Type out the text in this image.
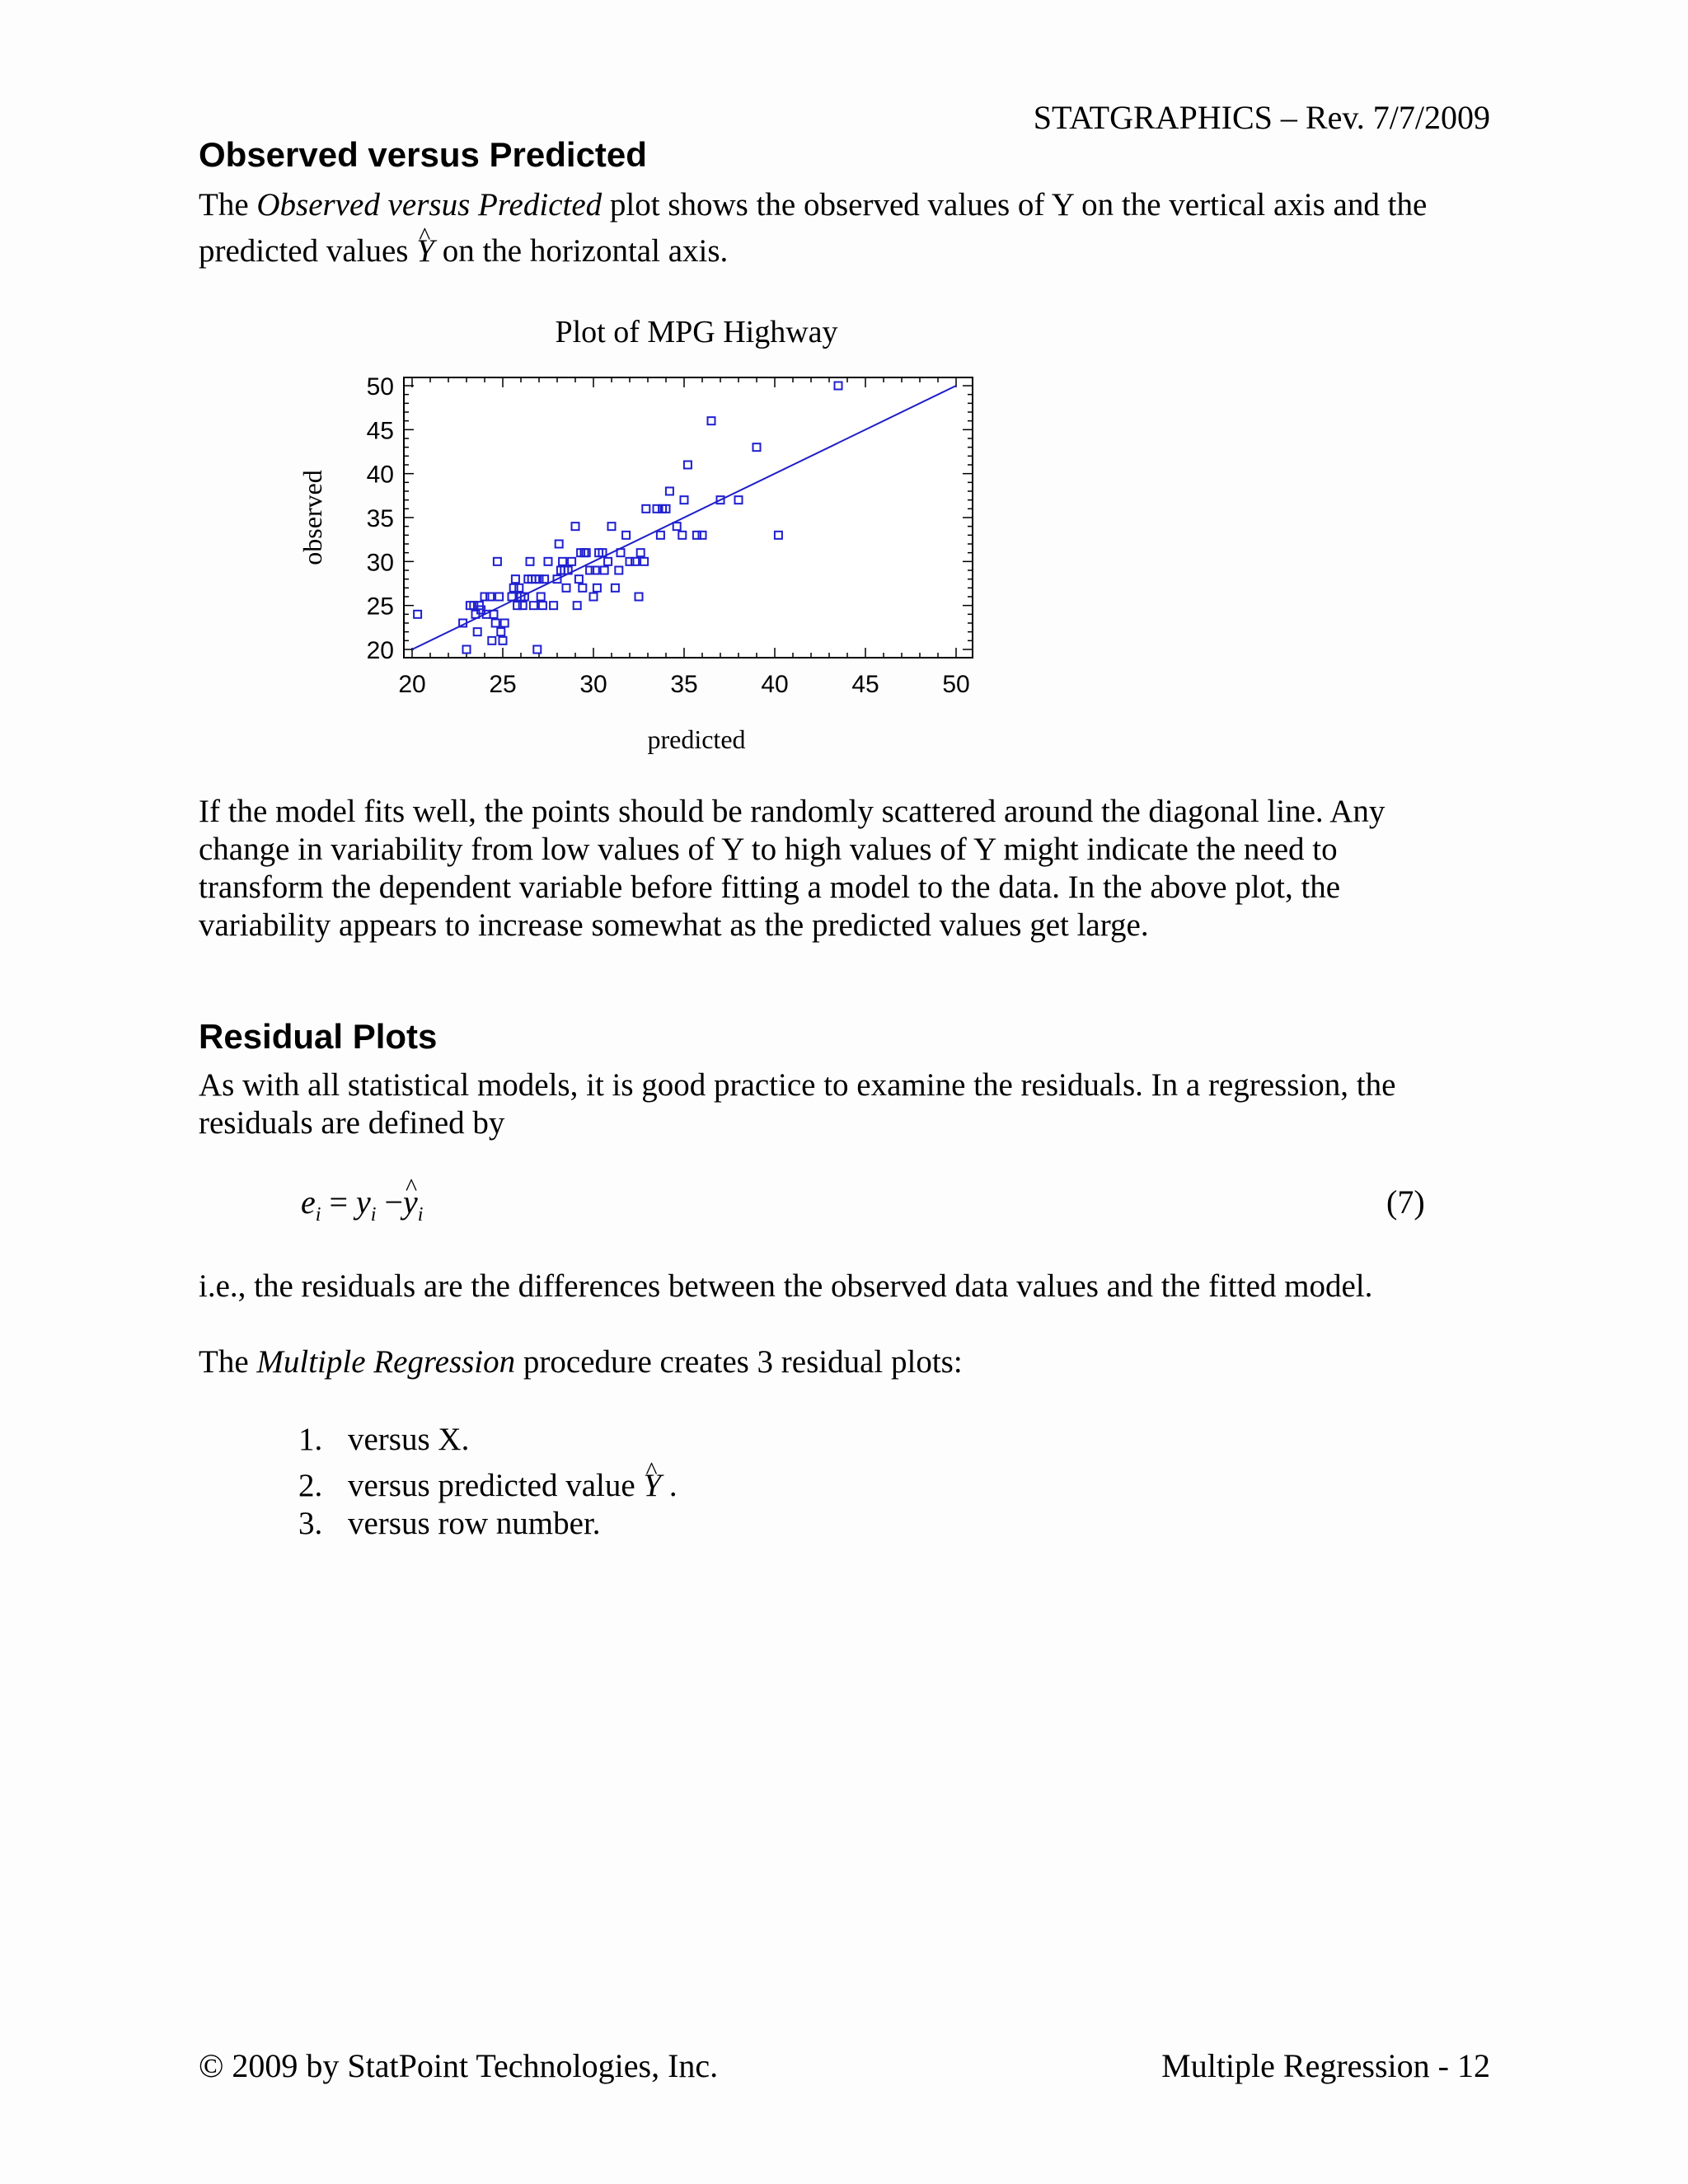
STATGRAPHICS – Rev. 7/7/2009
Observed versus Predicted
The Observed versus Predicted plot shows the observed values of Y on the vertical axis and the
predicted values ^ Y on the horizontal axis.
Plot of MPG Highway
20	25	30	35	40	45	50
20
25
30
35
40
45
50
predicted
observed
If the model fits well, the points should be randomly scattered around the diagonal line. Any
change in variability from low values of Y to high values of Y might indicate the need to
transform the dependent variable before fitting a model to the data. In the above plot, the
variability appears to increase somewhat as the predicted values get large.
Residual Plots
As with all statistical models, it is good practice to examine the residuals. In a regression, the
residuals are defined by
$e_i = y_i$ −^ $y_i$	(7)
i.e., the residuals are the differences between the observed data values and the fitted model.
The Multiple Regression procedure creates 3 residual plots:
1. versus X.
2. versus predicted value ^ Y .
3. versus row number.
© 2009 by StatPoint Technologies, Inc.	Multiple Regression - 12
